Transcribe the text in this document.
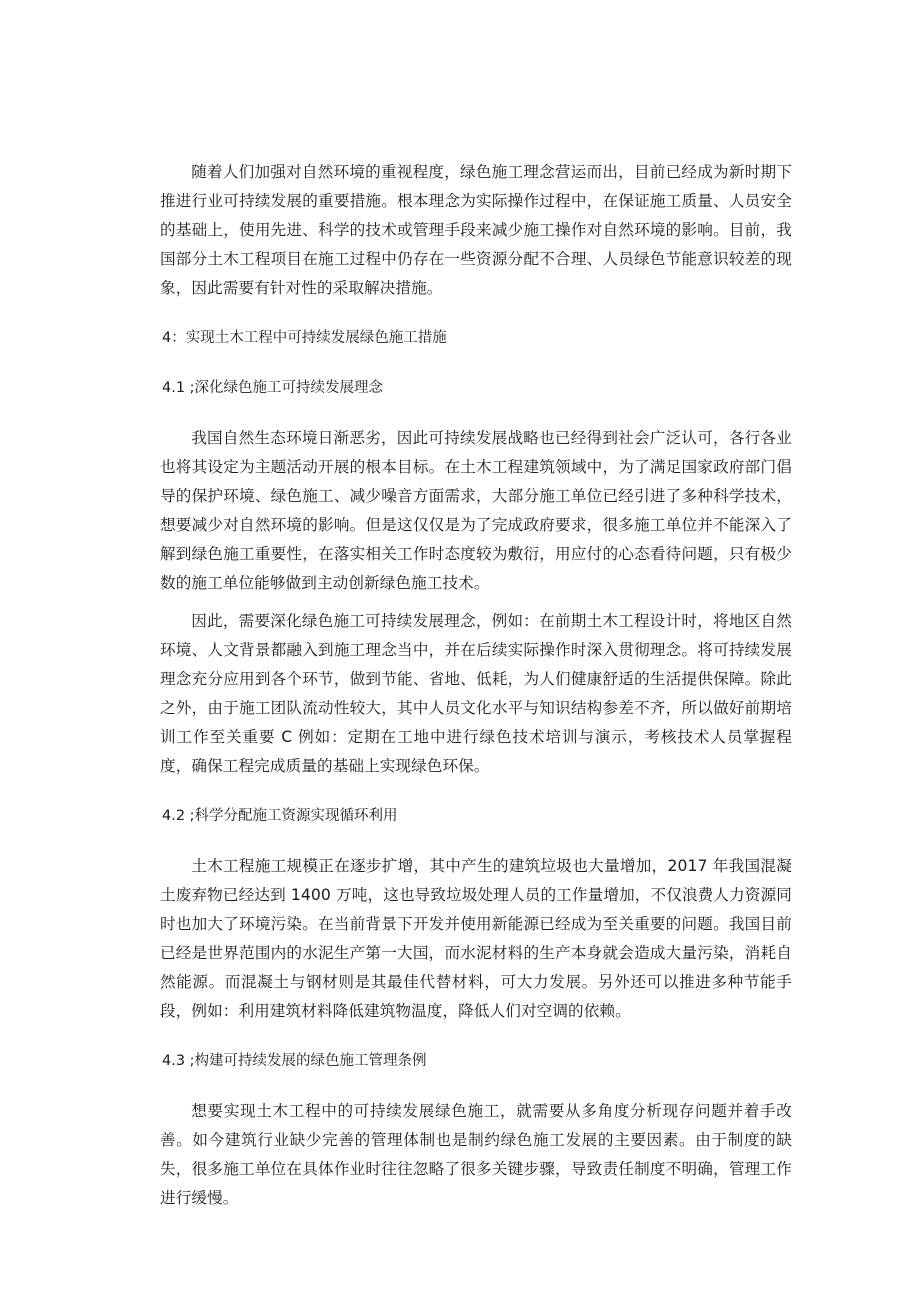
随着人们加强对自然环境的重视程度，绿色施工理念营运而出，目前已经成为新时期下推进行业可持续发展的重要措施。根本理念为实际操作过程中，在保证施工质量、人员安全的基础上，使用先进、科学的技术或管理手段来减少施工操作对自然环境的影响。目前，我国部分土木工程项目在施工过程中仍存在一些资源分配不合理、人员绿色节能意识较差的现象，因此需要有针对性的采取解决措施。

4：实现土木工程中可持续发展绿色施工措施

4.1 ;深化绿色施工可持续发展理念

我国自然生态环境日渐恶劣，因此可持续发展战略也已经得到社会广泛认可，各行各业也将其设定为主题活动开展的根本目标。在土木工程建筑领域中，为了满足国家政府部门倡导的保护环境、绿色施工、减少噪音方面需求，大部分施工单位已经引进了多种科学技术，想要减少对自然环境的影响。但是这仅仅是为了完成政府要求，很多施工单位并不能深入了解到绿色施工重要性，在落实相关工作时态度较为敷衍，用应付的心态看待问题，只有极少数的施工单位能够做到主动创新绿色施工技术。

因此，需要深化绿色施工可持续发展理念，例如：在前期土木工程设计时，将地区自然环境、人文背景都融入到施工理念当中，并在后续实际操作时深入贯彻理念。将可持续发展理念充分应用到各个环节，做到节能、省地、低耗，为人们健康舒适的生活提供保障。除此之外，由于施工团队流动性较大，其中人员文化水平与知识结构参差不齐，所以做好前期培训工作至关重要 C 例如：定期在工地中进行绿色技术培训与演示，考核技术人员掌握程度，确保工程完成质量的基础上实现绿色环保。

4.2 ;科学分配施工资源实现循环利用

土木工程施工规模正在逐步扩增，其中产生的建筑垃圾也大量增加，2017 年我国混凝土废弃物已经达到 1400 万吨，这也导致垃圾处理人员的工作量增加，不仅浪费人力资源同时也加大了环境污染。在当前背景下开发并使用新能源已经成为至关重要的问题。我国目前已经是世界范围内的水泥生产第一大国，而水泥材料的生产本身就会造成大量污染，消耗自然能源。而混凝土与钢材则是其最佳代替材料，可大力发展。另外还可以推进多种节能手段，例如：利用建筑材料降低建筑物温度，降低人们对空调的依赖。

4.3 ;构建可持续发展的绿色施工管理条例

想要实现土木工程中的可持续发展绿色施工，就需要从多角度分析现存问题并着手改善。如今建筑行业缺少完善的管理体制也是制约绿色施工发展的主要因素。由于制度的缺失，很多施工单位在具体作业时往往忽略了很多关键步骤，导致责任制度不明确，管理工作进行缓慢。
